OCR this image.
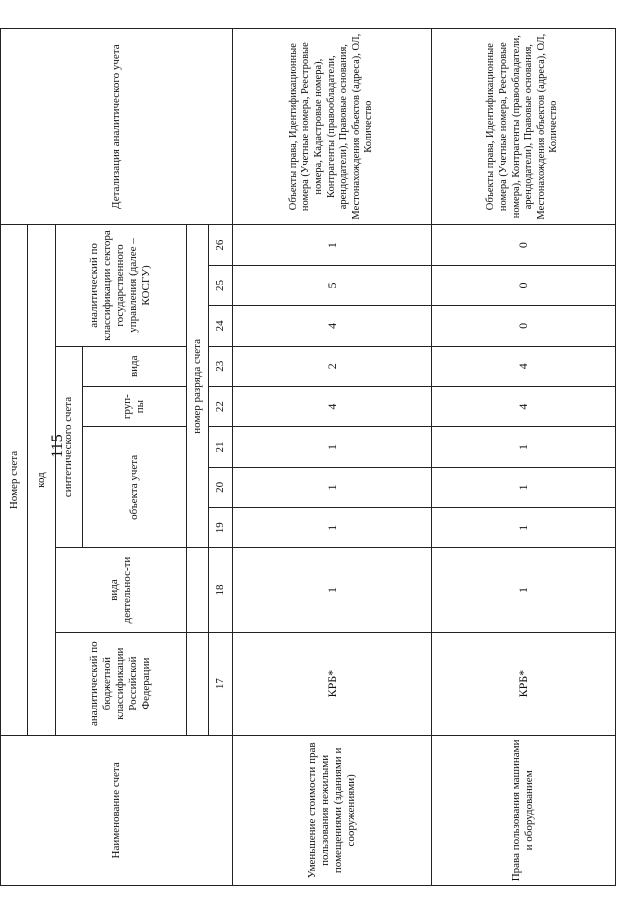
115
Наименование счета	Номер счета										Детализация аналитического учета
	код										
	аналитический по бюджетной классификации Российской Федерации	вида деятельнос-ти	синтетического счета					аналитический по классификации сектора государственного управления (далее – КОСГУ)			
			объекта учета			груп-пы	вида				
			номер разряда счета								
	17	18	19	20	21	22	23	24	25	26	
Уменьшение стоимости прав пользования нежилыми помещениями (зданиями и сооружениями)	КРБ*	1	1	1	1	4	2	4	5	1	Объекты права, Идентификационные номера (Учетные номера, Реестровые номера, Кадастровые номера), Контрагенты (правообладатели, арендодатели), Правовые основания, Местонахождения объектов (адреса), ОЛ, Количество
Права пользования машинами и оборудованием	КРБ*	1	1	1	1	4	4	0	0	0	Объекты права, Идентификационные номера (Учетные номера, Реестровые номера), Контрагенты (правообладатели, арендодатели), Правовые основания, Местонахождения объектов (адреса), ОЛ, Количество
